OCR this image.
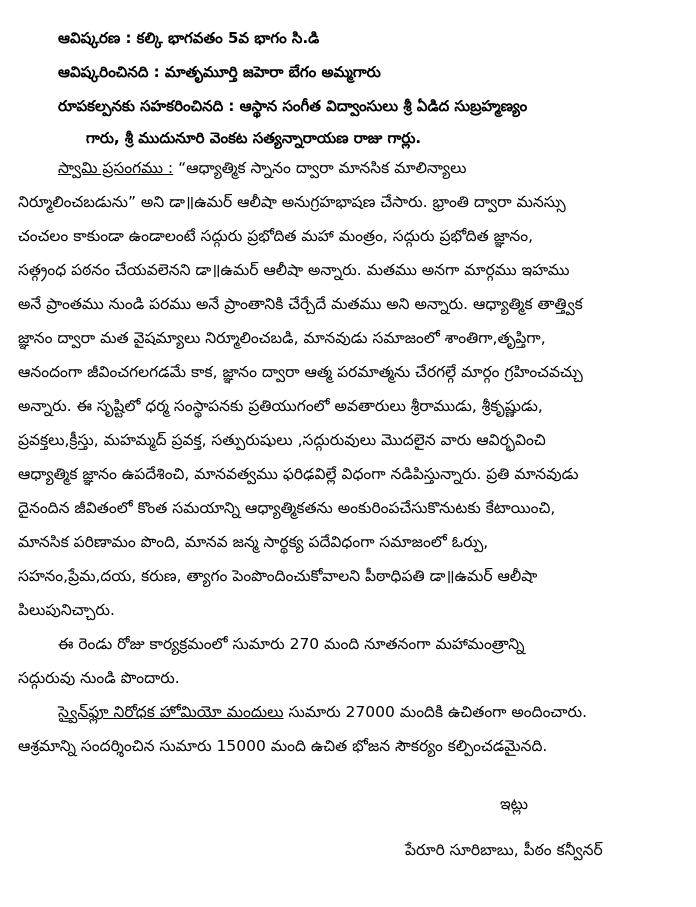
ఆవిష్కరణ : కల్కి భాగవతం 5వ భాగం సి.డి
ఆవిష్కరించినది : మాతృమూర్తి జహెరా బేగం అమ్మగారు
రూపకల్పనకు సహకరించినది : ఆస్థాన సంగీత విద్వాంసులు శ్రీ ఏడిద సుబ్రహ్మణ్యం
గారు, శ్రీ ముదునూరి వెంకట సత్యన్నారాయణ రాజు గార్లు.
స్వామి ప్రసంగము : “ఆధ్యాత్మిక స్నానం ద్వారా మానసిక మాలిన్యాలు
నిర్మూలించబడును” అని డా॥ఉమర్ ఆలీషా అనుగ్రహభాషణ చేసారు. భ్రాంతి ద్వారా మనస్సు
చంచలం కాకుండా ఉండాలంటే సద్గురు ప్రభోదిత మహా మంత్రం, సద్గురు ప్రభోదిత జ్ఞానం,
సత్గ్రంధ పఠనం చేయవలెనని డా॥ఉమర్ ఆలీషా అన్నారు. మతము అనగా మార్గము ఇహము
అనే ప్రాంతము నుండి పరము అనే ప్రాంతానికి చేర్చేదే మతము అని అన్నారు. ఆధ్యాత్మిక తాత్త్విక
జ్ఞానం ద్వారా మత వైషమ్యాలు నిర్మూలించబడి, మానవుడు సమాజంలో శాంతిగా,తృప్తిగా,
ఆనందంగా జీవించగలగడమే కాక, జ్ఞానం ద్వారా ఆత్మ పరమాత్మను చేరగల్గే మార్గం గ్రహించవచ్చు
అన్నారు. ఈ సృష్టిలో ధర్మ సంస్థాపనకు ప్రతియుగంలో అవతారులు శ్రీరాముడు, శ్రీకృష్ణుడు,
ప్రవక్తలు,క్రీస్తు, మహమ్మద్ ప్రవక్త, సత్పురుషులు ,సద్గురువులు మొదలైన వారు ఆవిర్భవించి
ఆధ్యాత్మిక జ్ఞానం ఉపదేశించి, మానవత్వము ఫరిఢవిల్లే విధంగా నడిపిస్తున్నారు. ప్రతి మానవుడు
దైనందిన జీవితంలో కొంత సమయాన్ని ఆధ్యాత్మికతను అంకురింపచేసుకొనుటకు కేటాయించి,
మానసిక పరిణామం పొంది, మానవ జన్మ సార్థక్య పదేవిధంగా సమాజంలో ఓర్పు,
సహనం,ప్రేమ,దయ, కరుణ, త్యాగం పెంపొందించుకోవాలని పీఠాధిపతి డా॥ఉమర్ ఆలీషా
పిలుపునిచ్చారు.
ఈ రెండు రోజు కార్యక్రమంలో సుమారు 270 మంది నూతనంగా మహామంత్రాన్ని
సద్గురువు నుండి పొందారు.
స్వైన్‌ఫ్లూ నిరోధక హోమియో మందులు సుమారు 27000 మందికి ఉచితంగా అందించారు.
ఆశ్రమాన్ని సందర్శించిన సుమారు 15000 మంది ఉచిత భోజన సౌకర్యం కల్పించడమైనది.
ఇట్లు
పేరూరి సూరిబాబు, పీఠం కన్వీనర్
